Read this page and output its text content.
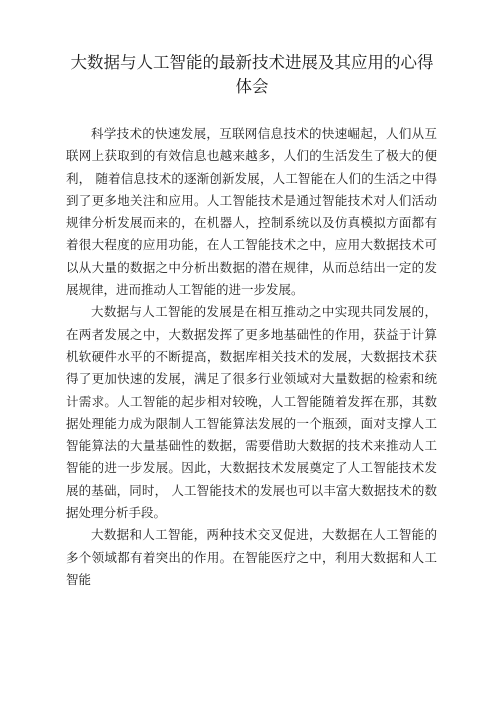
大数据与人工智能的最新技术进展及其应用的心得体会

科学技术的快速发展，互联网信息技术的快速崛起，人们从互联网上获取到的有效信息也越来越多，人们的生活发生了极大的便利， 随着信息技术的逐渐创新发展，人工智能在人们的生活之中得到了更多地关注和应用。人工智能技术是通过智能技术对人们活动规律分析发展而来的，在机器人，控制系统以及仿真模拟方面都有着很大程度的应用功能，在人工智能技术之中，应用大数据技术可以从大量的数据之中分析出数据的潜在规律，从而总结出一定的发展规律，进而推动人工智能的进一步发展。

大数据与人工智能的发展是在相互推动之中实现共同发展的，在两者发展之中，大数据发挥了更多地基础性的作用，获益于计算机软硬件水平的不断提高，数据库相关技术的发展，大数据技术获得了更加快速的发展，满足了很多行业领域对大量数据的检索和统计需求。人工智能的起步相对较晚，人工智能随着发挥在那，其数据处理能力成为限制人工智能算法发展的一个瓶颈，面对支撑人工智能算法的大量基础性的数据，需要借助大数据的技术来推动人工智能的进一步发展。因此，大数据技术发展奠定了人工智能技术发展的基础，同时， 人工智能技术的发展也可以丰富大数据技术的数据处理分析手段。

大数据和人工智能，两种技术交叉促进，大数据在人工智能的多个领域都有着突出的作用。在智能医疗之中，利用大数据和人工智能
